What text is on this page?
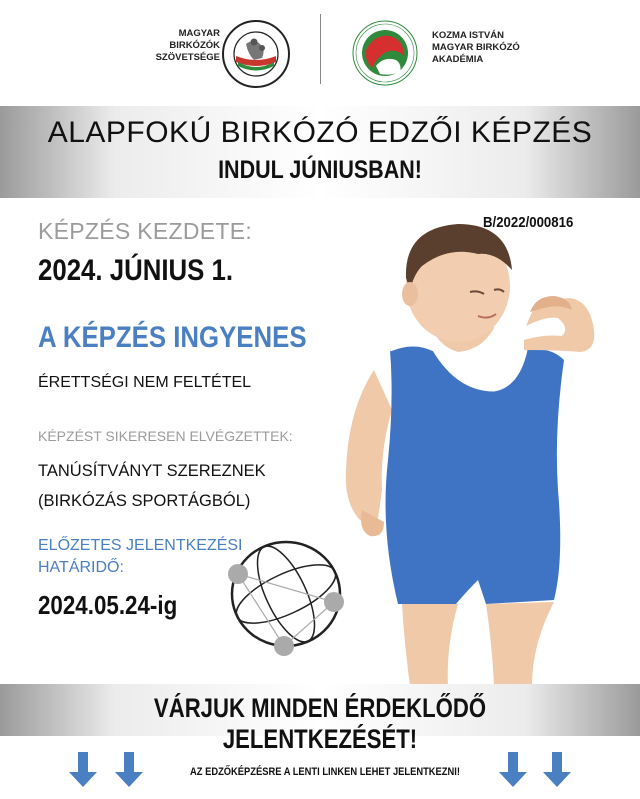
MAGYAR
BIRKÓZÓK
SZÖVETSÉGE
KOZMA ISTVÁN
MAGYAR BIRKÓZÓ
AKADÉMIA
ALAPFOKÚ BIRKÓZÓ EDZŐI KÉPZÉS
INDUL JÚNIUSBAN!
B/2022/000816
KÉPZÉS KEZDETE:
2024. JÚNIUS 1.
A KÉPZÉS INGYENES
ÉRETTSÉGI NEM FELTÉTEL
KÉPZÉST SIKERESEN ELVÉGZETTEK:
TANÚSÍTVÁNYT SZEREZNEK
(BIRKÓZÁS SPORTÁGBÓL)
ELŐZETES JELENTKEZÉSI
HATÁRIDŐ:
2024.05.24-ig
VÁRJUK MINDEN ÉRDEKLŐDŐ JELENTKEZÉSÉT!
AZ EDZŐKÉPZÉSRE A LENTI LINKEN LEHET JELENTKEZNI!
